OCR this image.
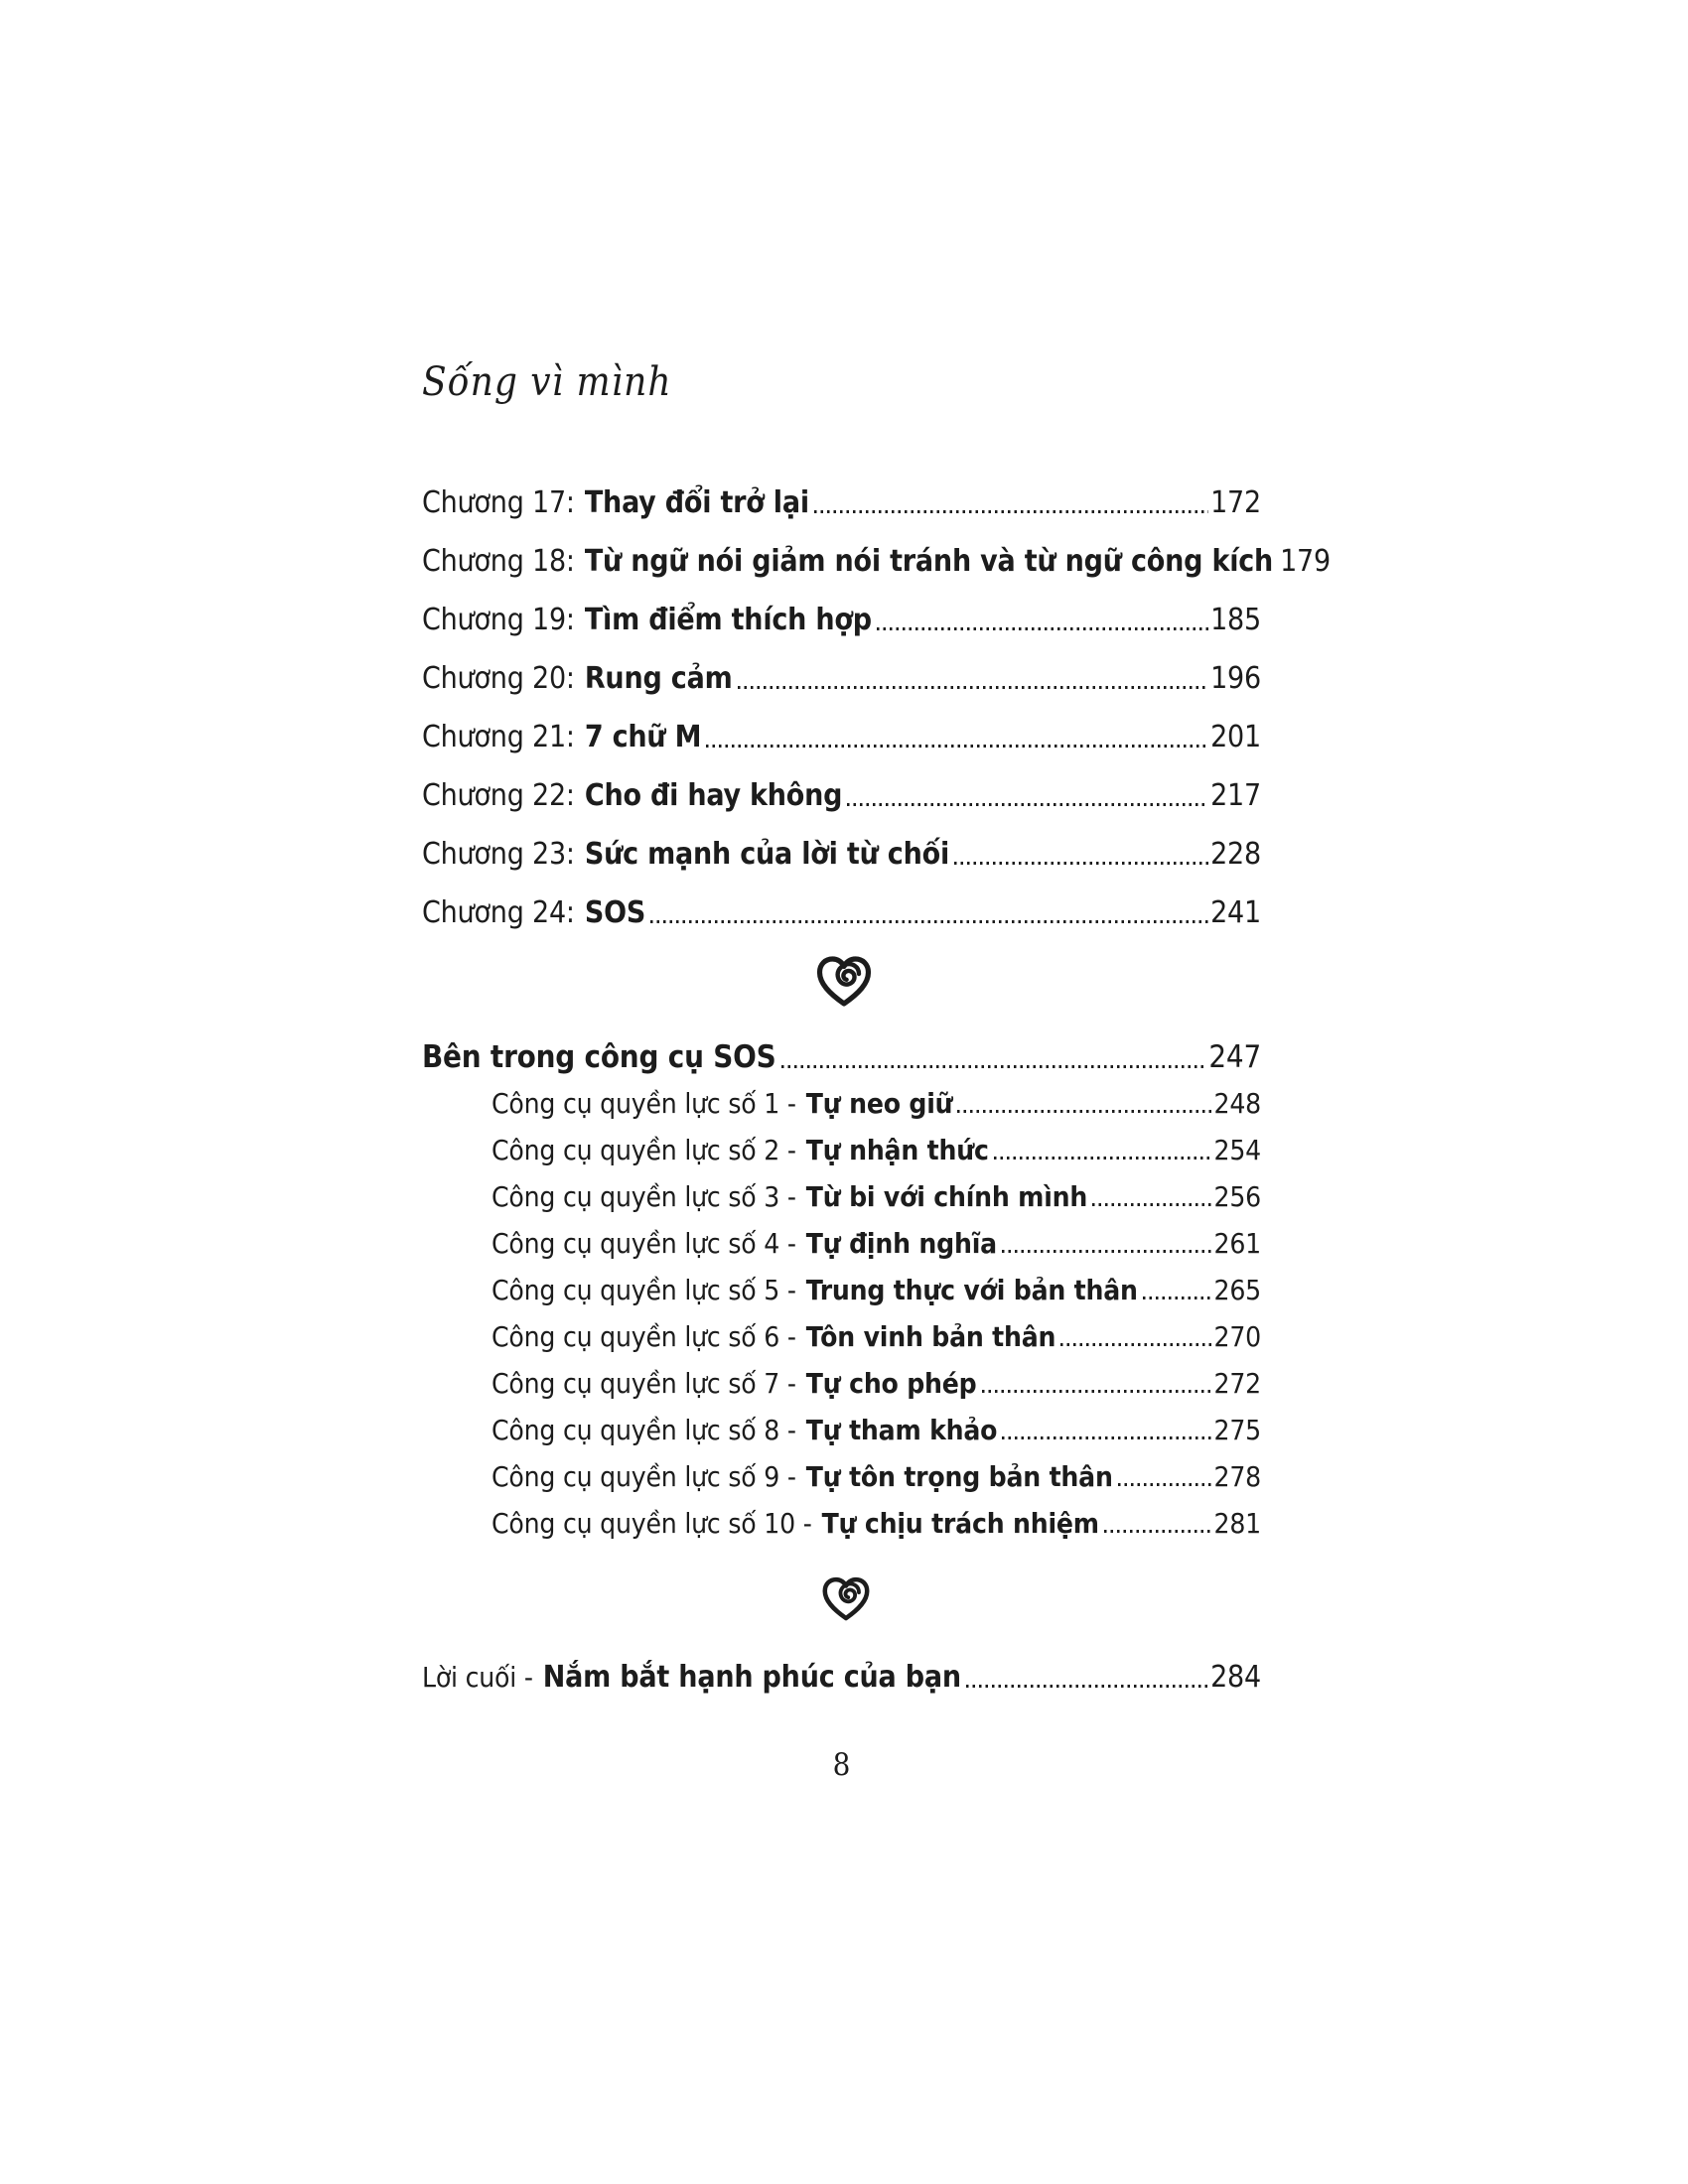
Sống vì mình
Chương 17: Thay đổi trở lại	172
Chương 18: Từ ngữ nói giảm nói tránh và từ ngữ công kích 179
Chương 19: Tìm điểm thích hợp	185
Chương 20: Rung cảm	196
Chương 21: 7 chữ M	201
Chương 22: Cho đi hay không	217
Chương 23: Sức mạnh của lời từ chối	228
Chương 24: SOS	241
Bên trong công cụ SOS	247
Công cụ quyền lực số 1 - Tự neo giữ	248
Công cụ quyền lực số 2 - Tự nhận thức	254
Công cụ quyền lực số 3 - Từ bi với chính mình	256
Công cụ quyền lực số 4 - Tự định nghĩa	261
Công cụ quyền lực số 5 - Trung thực với bản thân	265
Công cụ quyền lực số 6 - Tôn vinh bản thân	270
Công cụ quyền lực số 7 - Tự cho phép	272
Công cụ quyền lực số 8 - Tự tham khảo	275
Công cụ quyền lực số 9 - Tự tôn trọng bản thân	278
Công cụ quyền lực số 10 - Tự chịu trách nhiệm	281
Lời cuối - Nắm bắt hạnh phúc của bạn	284
8
